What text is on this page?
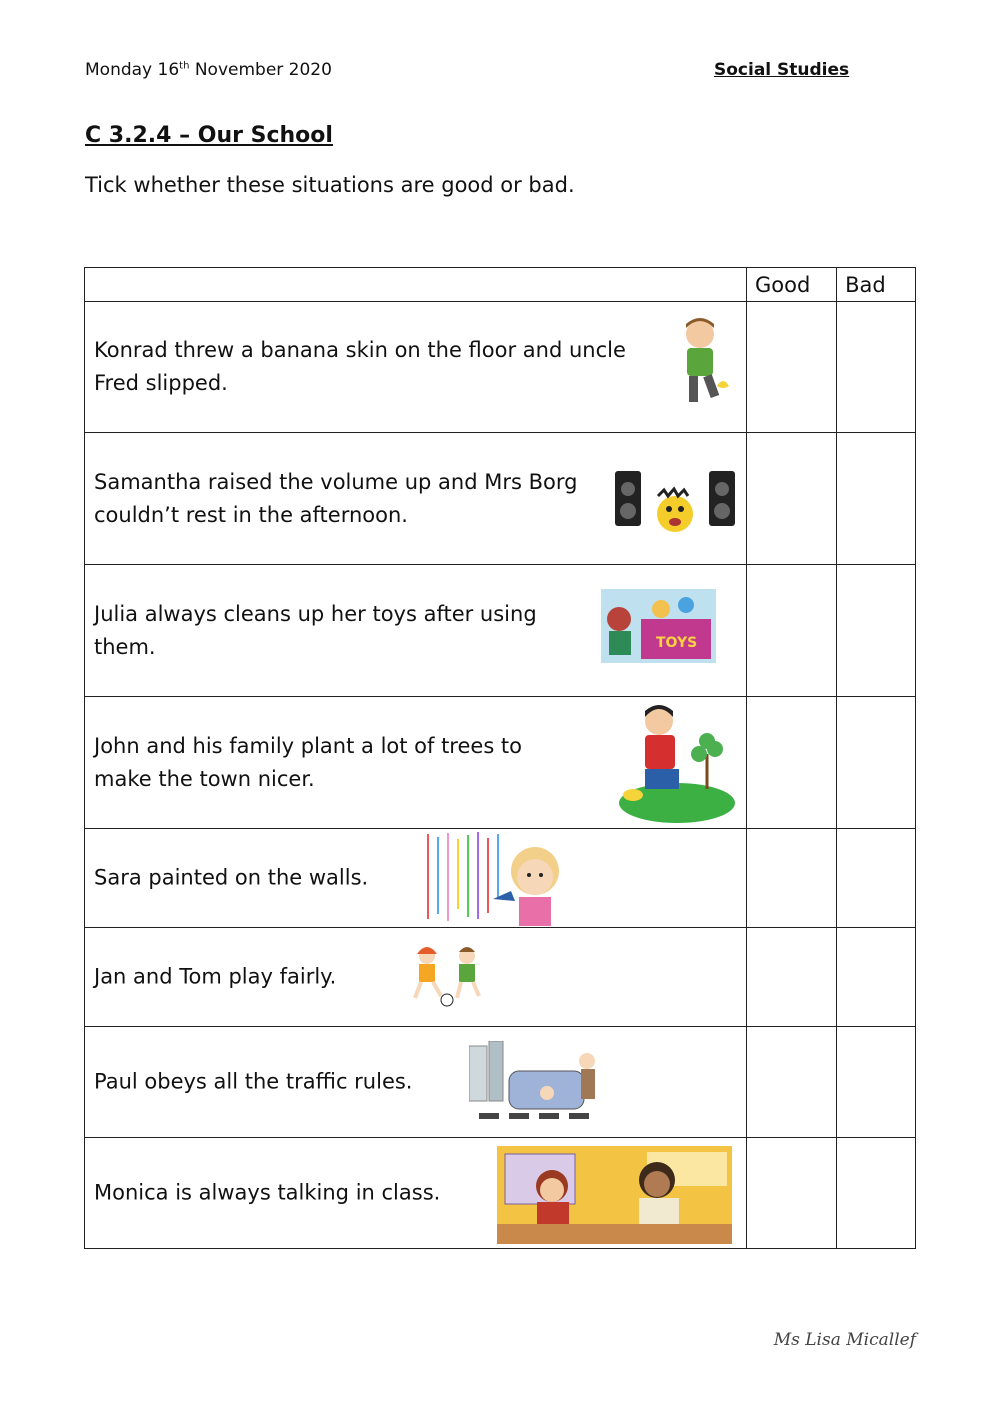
Monday 16th November 2020	Social Studies
C 3.2.4 – Our School
Tick whether these situations are good or bad.
	Good	Bad

Konrad threw a banana skin on the floor and uncle
Fred slipped.		

Samantha raised the volume up and Mrs Borg
couldn’t rest in the afternoon.		

Julia always cleans up her toys after using
them. TOYS		

John and his family plant a lot of trees to
make the town nicer.		

Sara painted on the walls.		

Jan and Tom play fairly.		

Paul obeys all the traffic rules.		

Monica is always talking in class.		

Ms Lisa Micallef
